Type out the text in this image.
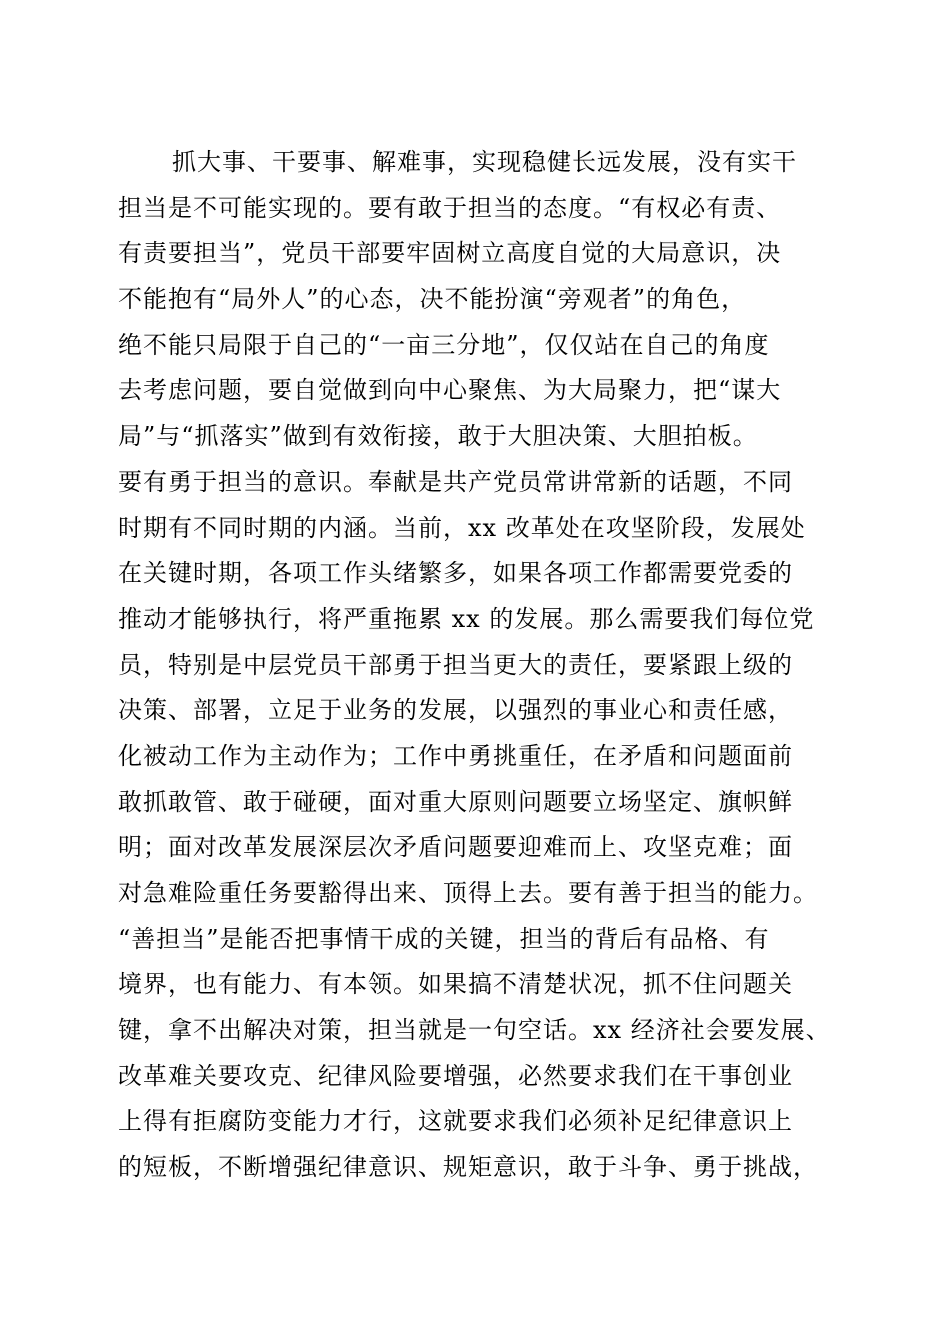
抓大事、干要事、解难事，实现稳健长远发展，没有实干
担当是不可能实现的。要有敢于担当的态度。“有权必有责、
有责要担当”，党员干部要牢固树立高度自觉的大局意识，决
不能抱有“局外人”的心态，决不能扮演“旁观者”的角色，
绝不能只局限于自己的“一亩三分地”，仅仅站在自己的角度
去考虑问题，要自觉做到向中心聚焦、为大局聚力，把“谋大
局”与“抓落实”做到有效衔接，敢于大胆决策、大胆拍板。
要有勇于担当的意识。奉献是共产党员常讲常新的话题，不同
时期有不同时期的内涵。当前，xx 改革处在攻坚阶段，发展处
在关键时期，各项工作头绪繁多，如果各项工作都需要党委的
推动才能够执行，将严重拖累 xx 的发展。那么需要我们每位党
员，特别是中层党员干部勇于担当更大的责任，要紧跟上级的
决策、部署，立足于业务的发展，以强烈的事业心和责任感，
化被动工作为主动作为；工作中勇挑重任，在矛盾和问题面前
敢抓敢管、敢于碰硬，面对重大原则问题要立场坚定、旗帜鲜
明；面对改革发展深层次矛盾问题要迎难而上、攻坚克难；面
对急难险重任务要豁得出来、顶得上去。要有善于担当的能力。
“善担当”是能否把事情干成的关键，担当的背后有品格、有
境界，也有能力、有本领。如果搞不清楚状况，抓不住问题关
键，拿不出解决对策，担当就是一句空话。xx 经济社会要发展、
改革难关要攻克、纪律风险要增强，必然要求我们在干事创业
上得有拒腐防变能力才行，这就要求我们必须补足纪律意识上
的短板，不断增强纪律意识、规矩意识，敢于斗争、勇于挑战，
